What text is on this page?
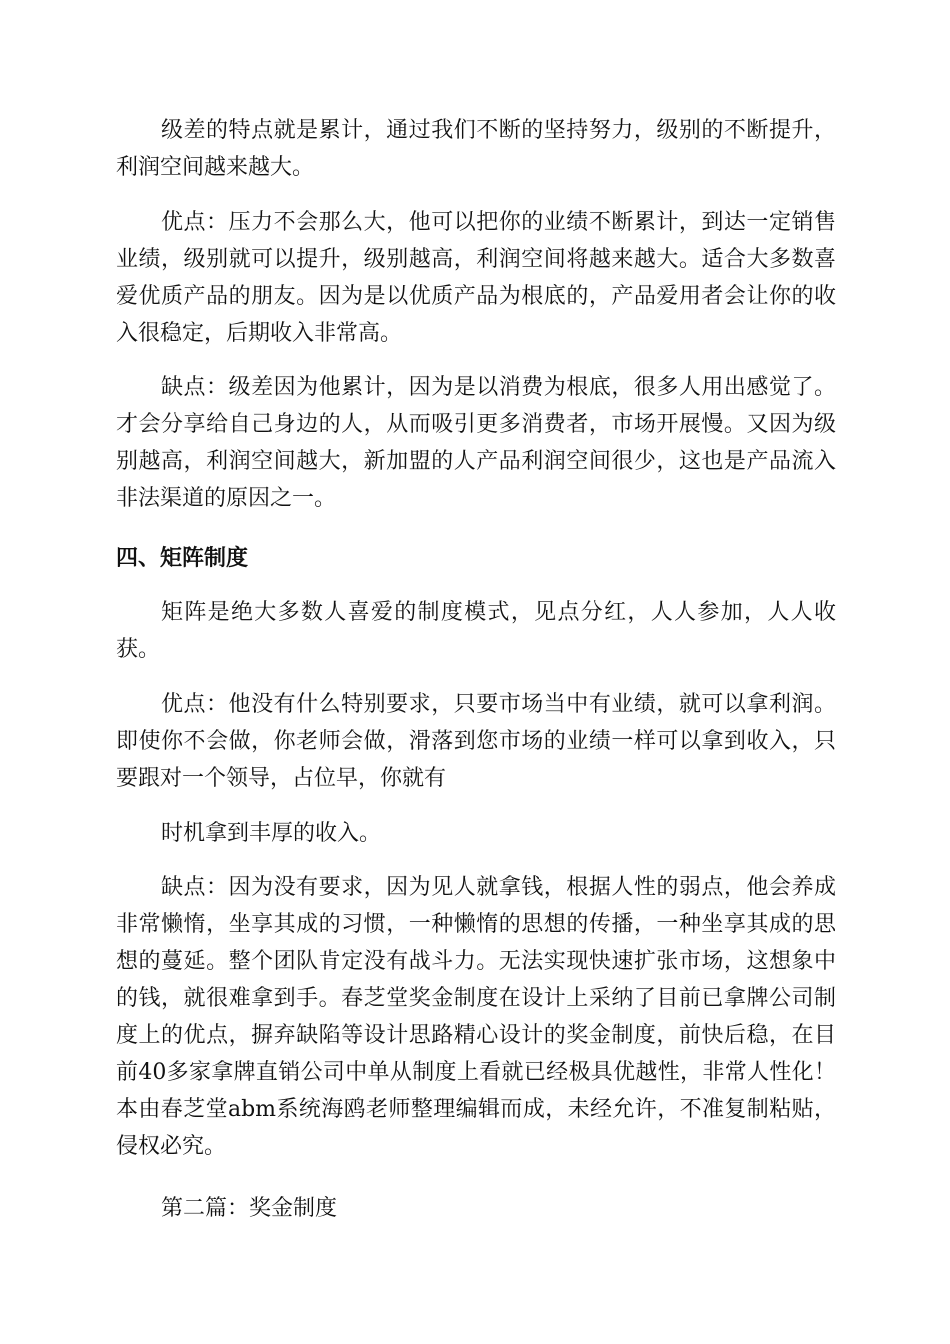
级差的特点就是累计，通过我们不断的坚持努力，级别的不断提升，利润空间越来越大。

优点：压力不会那么大，他可以把你的业绩不断累计，到达一定销售业绩，级别就可以提升，级别越高，利润空间将越来越大。适合大多数喜爱优质产品的朋友。因为是以优质产品为根底的，产品爱用者会让你的收入很稳定，后期收入非常高。

缺点：级差因为他累计，因为是以消费为根底，很多人用出感觉了。才会分享给自己身边的人，从而吸引更多消费者，市场开展慢。又因为级别越高，利润空间越大，新加盟的人产品利润空间很少，这也是产品流入非法渠道的原因之一。

四、矩阵制度

矩阵是绝大多数人喜爱的制度模式，见点分红，人人参加，人人收获。

优点：他没有什么特别要求，只要市场当中有业绩，就可以拿利润。即使你不会做，你老师会做，滑落到您市场的业绩一样可以拿到收入，只要跟对一个领导，占位早，你就有

时机拿到丰厚的收入。

缺点：因为没有要求，因为见人就拿钱，根据人性的弱点，他会养成非常懒惰，坐享其成的习惯，一种懒惰的思想的传播，一种坐享其成的思想的蔓延。整个团队肯定没有战斗力。无法实现快速扩张市场，这想象中的钱，就很难拿到手。春芝堂奖金制度在设计上采纳了目前已拿牌公司制度上的优点，摒弃缺陷等设计思路精心设计的奖金制度，前快后稳，在目前40多家拿牌直销公司中单从制度上看就已经极具优越性，非常人性化！本由春芝堂abm系统海鸥老师整理编辑而成，未经允许，不准复制粘贴，侵权必究。

第二篇：奖金制度
